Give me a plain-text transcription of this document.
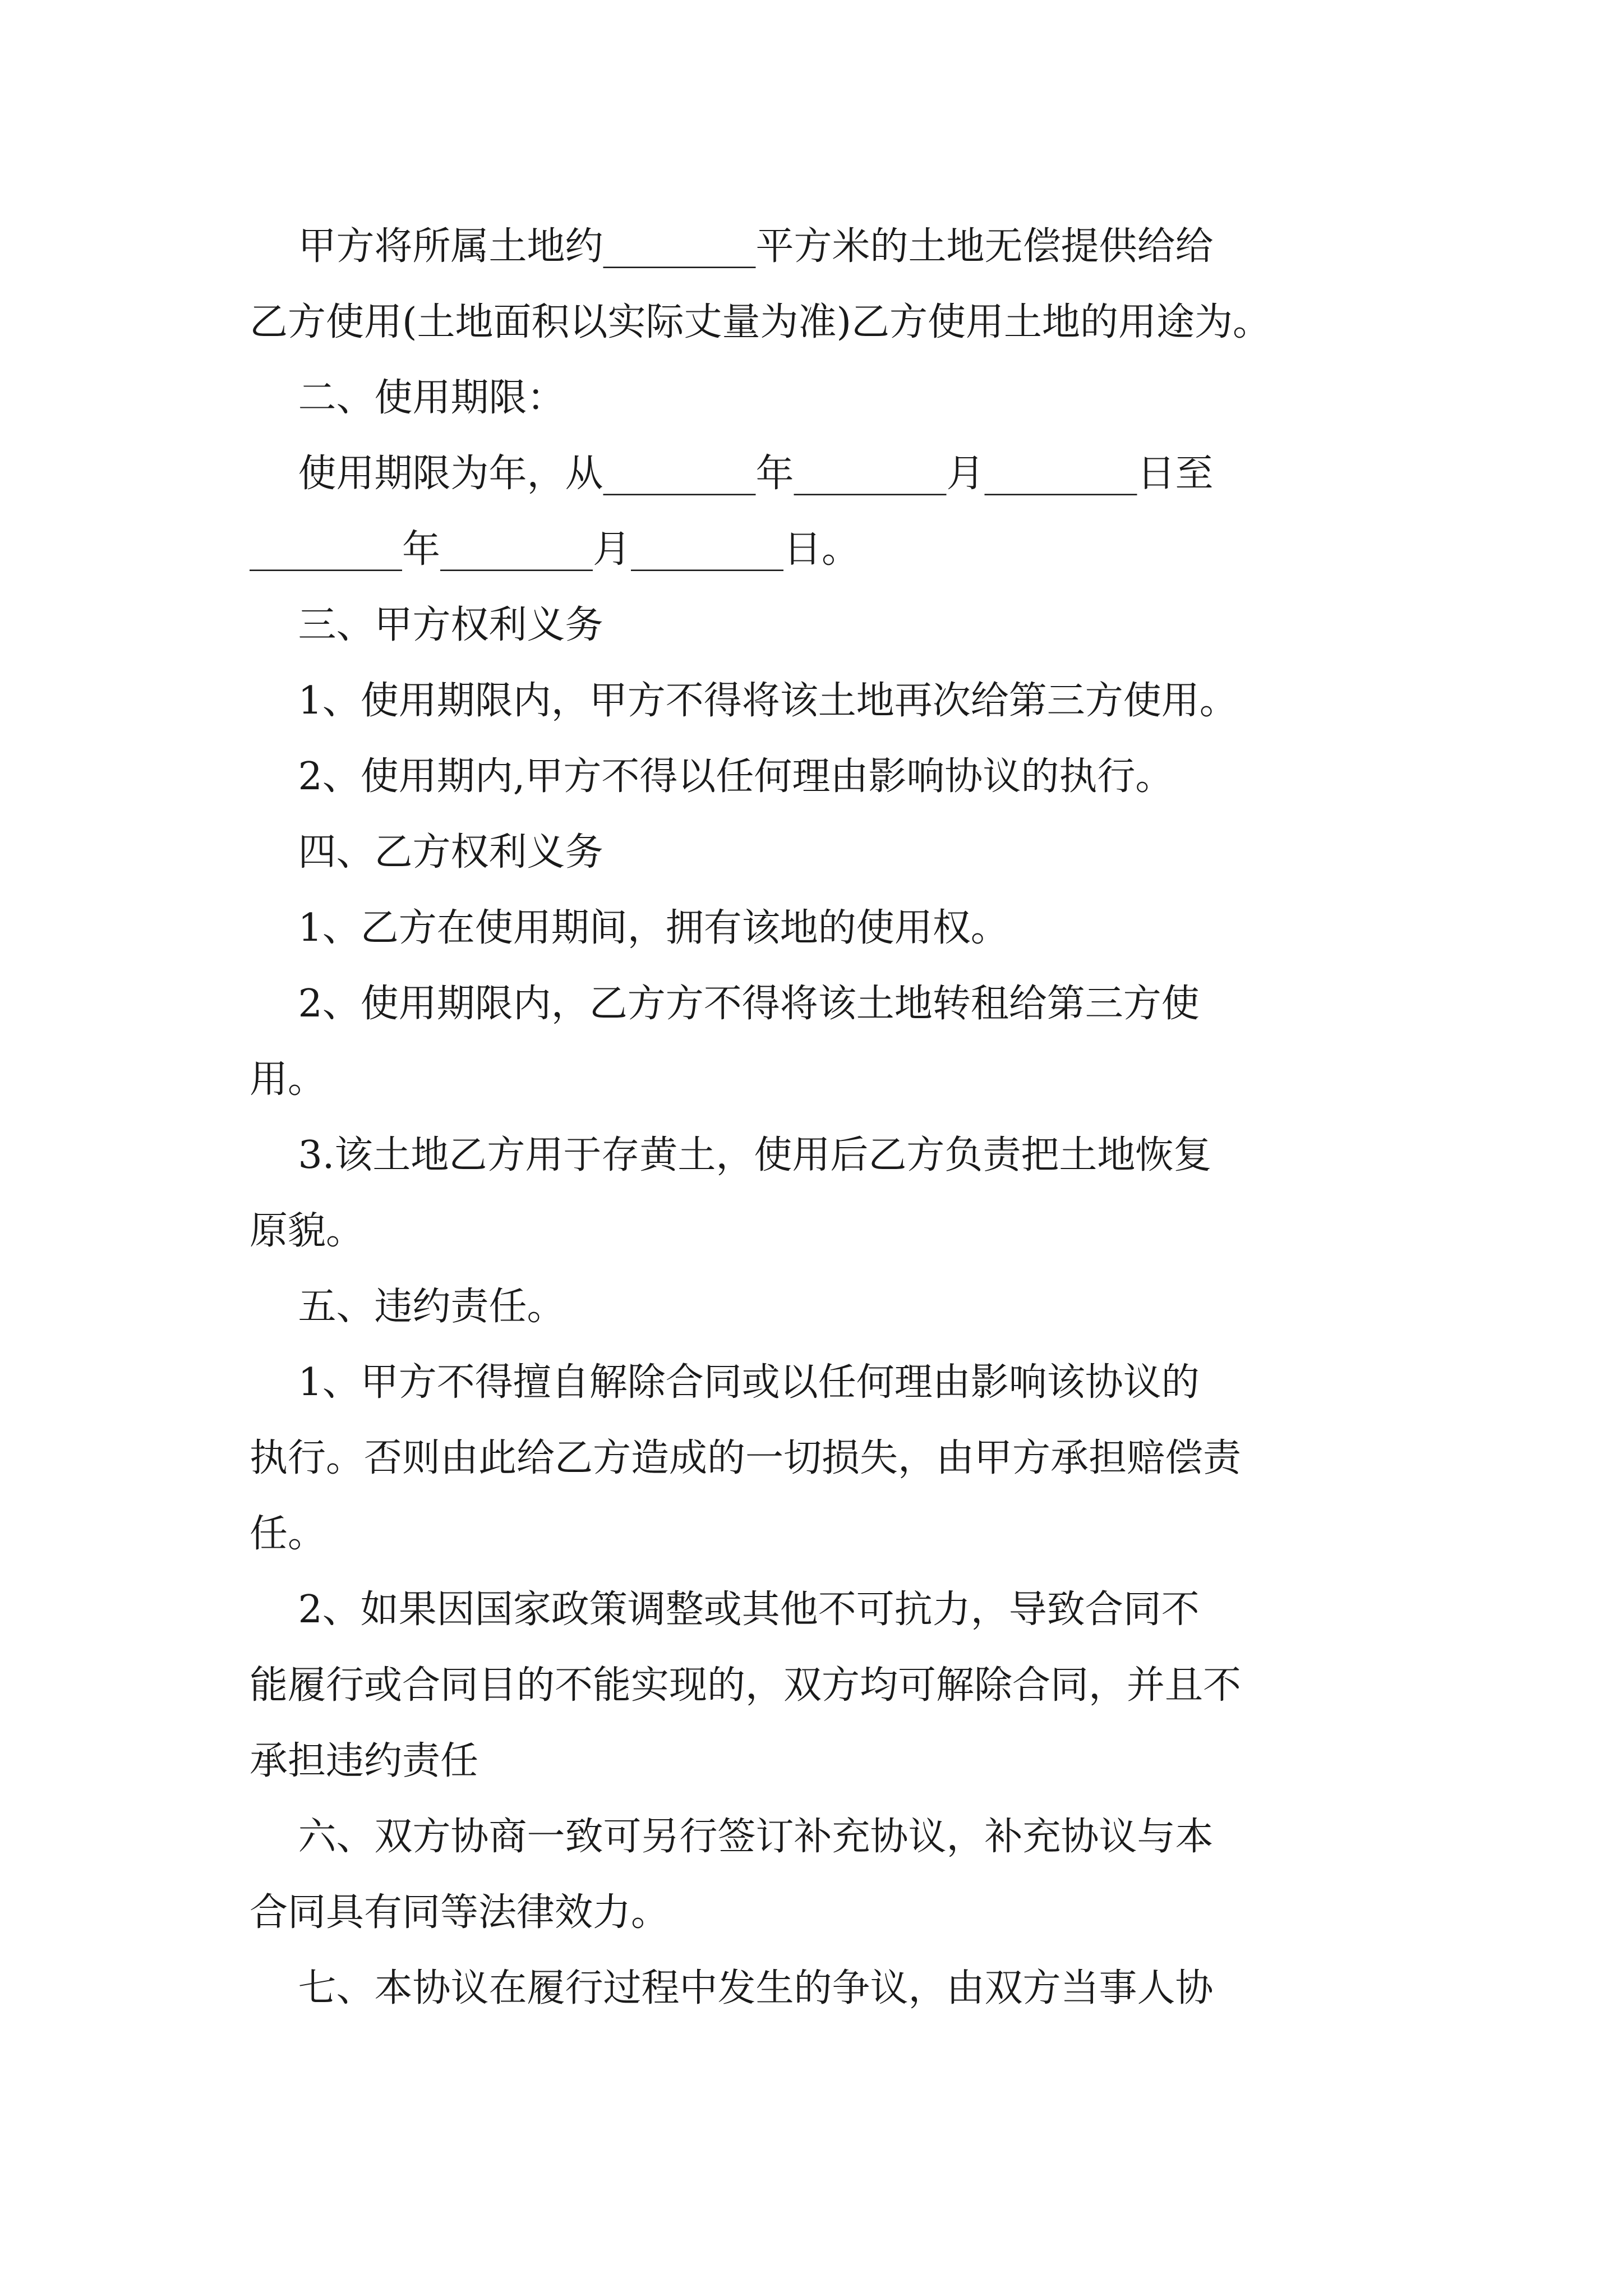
甲方将所属土地约________平方米的土地无偿提供给给
乙方使用(土地面积以实际丈量为准)乙方使用土地的用途为。
二、使用期限：
使用期限为年，从________年________月________日至
________年________月________日。
三、甲方权利义务
1、使用期限内，甲方不得将该土地再次给第三方使用。
2、使用期内,甲方不得以任何理由影响协议的执行。
四、乙方权利义务
1、乙方在使用期间，拥有该地的使用权。
2、使用期限内，乙方方不得将该土地转租给第三方使
用。
3.该土地乙方用于存黄土，使用后乙方负责把土地恢复
原貌。
五、违约责任。
1、甲方不得擅自解除合同或以任何理由影响该协议的
执行。否则由此给乙方造成的一切损失，由甲方承担赔偿责
任。
2、如果因国家政策调整或其他不可抗力，导致合同不
能履行或合同目的不能实现的，双方均可解除合同，并且不
承担违约责任
六、双方协商一致可另行签订补充协议，补充协议与本
合同具有同等法律效力。
七、本协议在履行过程中发生的争议，由双方当事人协
